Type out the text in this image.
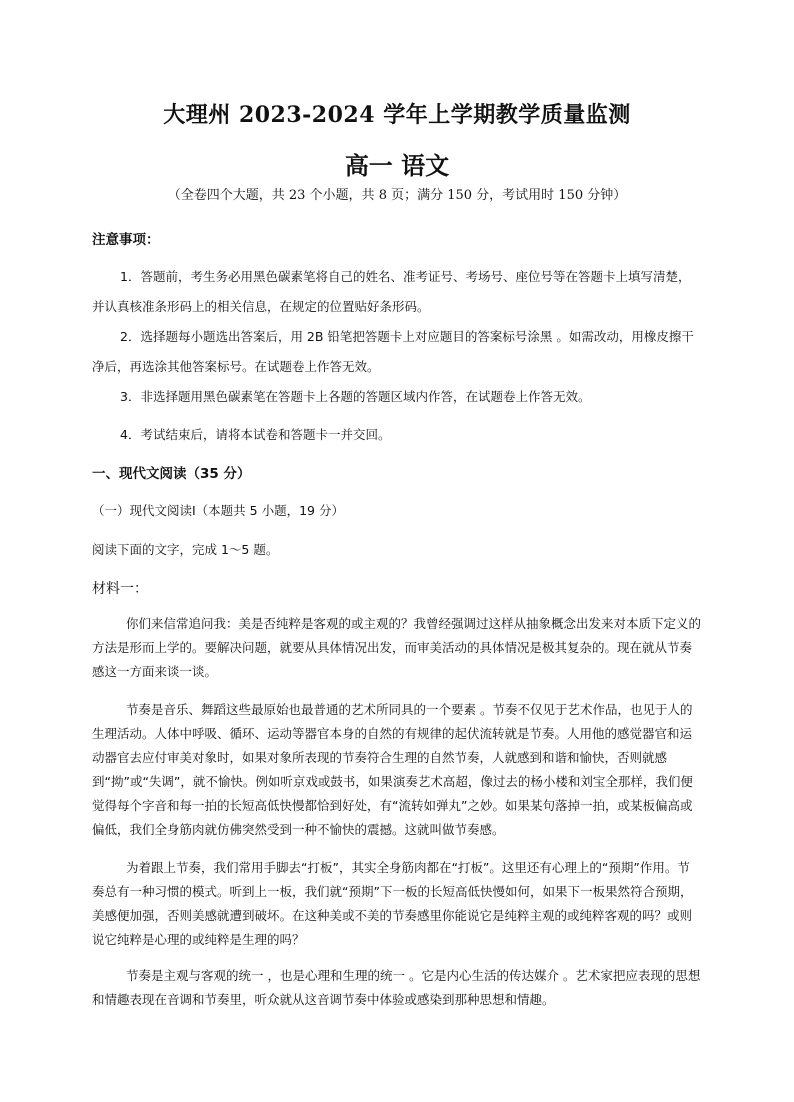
大理州 2023-2024 学年上学期教学质量监测
高一 语文
（全卷四个大题，共 23 个小题，共 8 页；满分 150 分，考试用时 150 分钟）
注意事项：
1．答题前，考生务必用黑色碳素笔将自己的姓名、准考证号、考场号、座位号等在答题卡上填写清楚，并认真核准条形码上的相关信息，在规定的位置贴好条形码。
2．选择题每小题选出答案后，用 2B 铅笔把答题卡上对应题目的答案标号涂黑 。如需改动，用橡皮擦干净后，再选涂其他答案标号。在试题卷上作答无效。
3．非选择题用黑色碳素笔在答题卡上各题的答题区域内作答，在试题卷上作答无效。
4．考试结束后，请将本试卷和答题卡一并交回。
一、现代文阅读（35 分）
（一）现代文阅读Ⅰ（本题共 5 小题，19 分）
阅读下面的文字，完成 1～5 题。
材料一：
你们来信常追问我：美是否纯粹是客观的或主观的？我曾经强调过这样从抽象概念出发来对本质下定义的方法是形而上学的。要解决问题，就要从具体情况出发，而审美活动的具体情况是极其复杂的。现在就从节奏感这一方面来谈一谈。
节奏是音乐、舞蹈这些最原始也最普通的艺术所同具的一个要素 。节奏不仅见于艺术作品，也见于人的生理活动。人体中呼吸、循环、运动等器官本身的自然的有规律的起伏流转就是节奏。人用他的感觉器官和运动器官去应付审美对象时，如果对象所表现的节奏符合生理的自然节奏，人就感到和谐和愉快，否则就感到“拗”或“失调”，就不愉快。例如听京戏或鼓书，如果演奏艺术高超，像过去的杨小楼和刘宝全那样，我们便觉得每个字音和每一拍的长短高低快慢都恰到好处，有“流转如弹丸”之妙。如果某句落掉一拍，或某板偏高或偏低，我们全身筋肉就仿佛突然受到一种不愉快的震撼。这就叫做节奏感。
为着跟上节奏，我们常用手脚去“打板”，其实全身筋肉都在“打板”。这里还有心理上的“预期”作用。节奏总有一种习惯的模式。听到上一板，我们就“预期”下一板的长短高低快慢如何，如果下一板果然符合预期，美感便加强，否则美感就遭到破坏。在这种美或不美的节奏感里你能说它是纯粹主观的或纯粹客观的吗？或则说它纯粹是心理的或纯粹是生理的吗？
节奏是主观与客观的统一 ，也是心理和生理的统一 。它是内心生活的传达媒介 。艺术家把应表现的思想和情趣表现在音调和节奏里，听众就从这音调节奏中体验或感染到那种思想和情趣。
